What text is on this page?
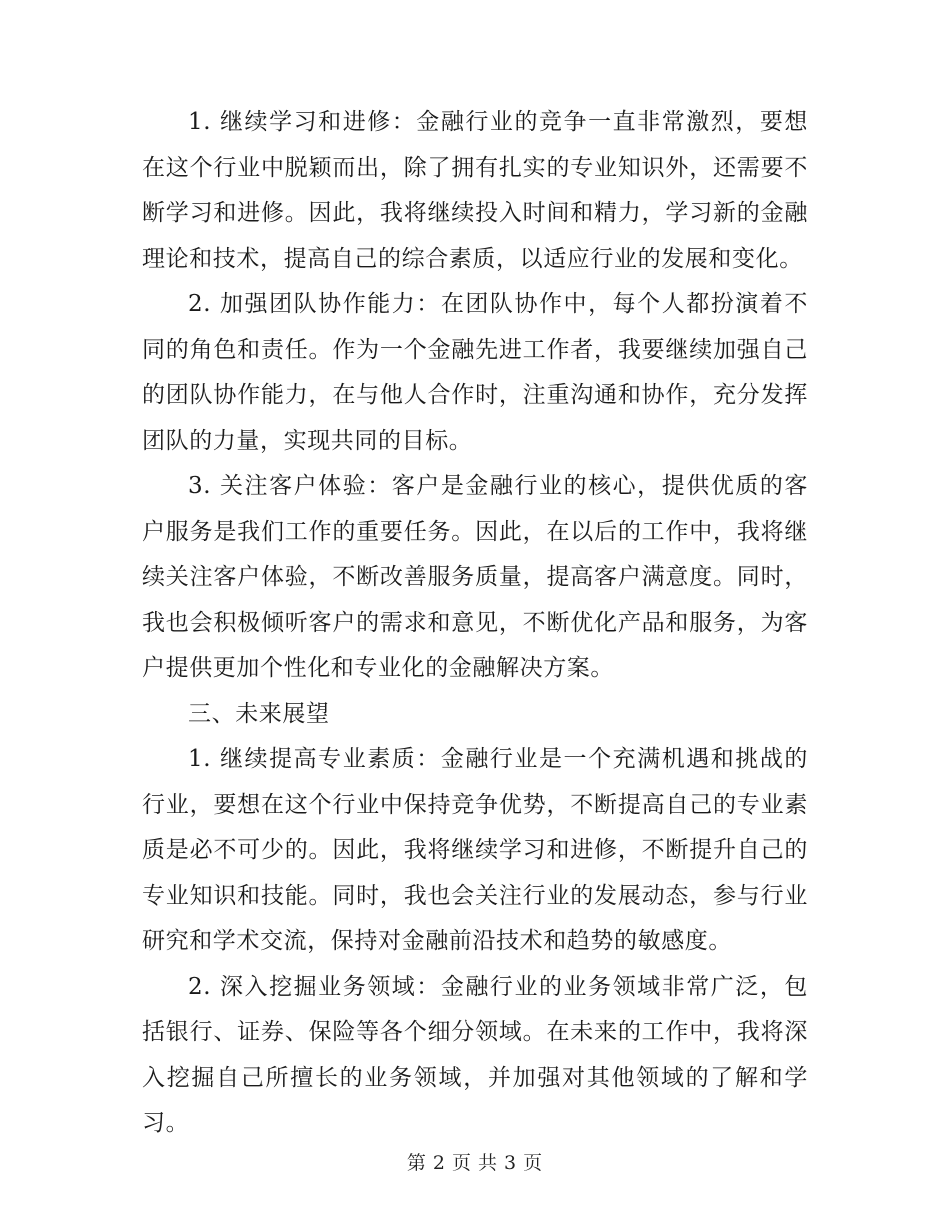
1. 继续学习和进修：金融行业的竞争一直非常激烈，要想在这个行业中脱颖而出，除了拥有扎实的专业知识外，还需要不断学习和进修。因此，我将继续投入时间和精力，学习新的金融理论和技术，提高自己的综合素质，以适应行业的发展和变化。

2. 加强团队协作能力：在团队协作中，每个人都扮演着不同的角色和责任。作为一个金融先进工作者，我要继续加强自己的团队协作能力，在与他人合作时，注重沟通和协作，充分发挥团队的力量，实现共同的目标。

3. 关注客户体验：客户是金融行业的核心，提供优质的客户服务是我们工作的重要任务。因此，在以后的工作中，我将继续关注客户体验，不断改善服务质量，提高客户满意度。同时，我也会积极倾听客户的需求和意见，不断优化产品和服务，为客户提供更加个性化和专业化的金融解决方案。

三、未来展望

1. 继续提高专业素质：金融行业是一个充满机遇和挑战的行业，要想在这个行业中保持竞争优势，不断提高自己的专业素质是必不可少的。因此，我将继续学习和进修，不断提升自己的专业知识和技能。同时，我也会关注行业的发展动态，参与行业研究和学术交流，保持对金融前沿技术和趋势的敏感度。

2. 深入挖掘业务领域：金融行业的业务领域非常广泛，包括银行、证券、保险等各个细分领域。在未来的工作中，我将深入挖掘自己所擅长的业务领域，并加强对其他领域的了解和学习。

第 2 页 共 3 页
